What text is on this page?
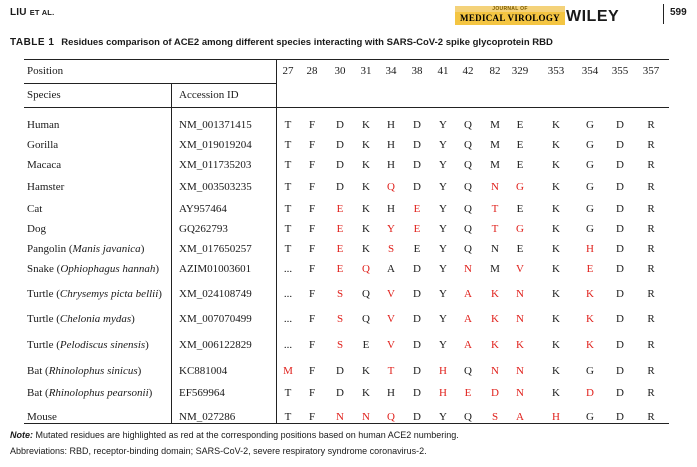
LIU ET AL.	JOURNAL OF
MEDICAL VIROLOGY WILEY	599
TABLE 1 Residues comparison of ACE2 among different species interacting with SARS-CoV-2 spike glycoprotein RBD
Position
Species	Accession ID
27	28	30	31	34	38	41	42	82	329 353 354 355 357
Human	NM_001371415	T	F	D	K	H	D	Y	Q	M	E	K	G	D	R
Gorilla	XM_019019204	T	F	D	K	H	D	Y	Q	M	E	K	G	D	R
Macaca	XM_011735203	T	F	D	K	H	D	Y	Q	M	E	K	G	D	R
Hamster	XM_003503235	T	F	D	K	Q	D	Y	Q	N	G	K	G	D	R
Cat	AY957464	T	F	E	K	H	E	Y	Q	T	E	K	G	D	R
Dog	GQ262793	T	F	E	K	Y	E	Y	Q	T	G	K	G	D	R
Pangolin (Manis javanica)	XM_017650257	T	F	E	K	S	E	Y	Q	N	E	K	H	D	R
Snake (Ophiophagus hannah) AZIM01003601	...	F	E	Q	A	D	Y	N	M	V	K	E	D	R
Turtle (Chrysemys picta bellii) XM_024108749	...	F	S	Q	V	D	Y	A	K	N	K	K	D	R
Turtle (Chelonia mydas)	XM_007070499	...	F	S	Q	V	D	Y	A	K	N	K	K	D	R
Turtle (Pelodiscus sinensis)	XM_006122829	...	F	S	E	V	D	Y	A	K	K	K	K	D	R
Bat (Rhinolophus sinicus)	KC881004	M	F	D	K	T	D	H	Q	N	N	K	G	D	R
Bat (Rhinolophus pearsonii) EF569964	T	F	D	K	H	D	H	E	D	N	K	D	D	R
Mouse	NM_027286	T	F	N	N	Q	D	Y	Q	S	A	H	G	D	R
Note: Mutated residues are highlighted as red at the corresponding positions based on human ACE2 numbering.
Abbreviations: RBD, receptor-binding domain; SARS-CoV-2, severe respiratory syndrome coronavirus-2.
